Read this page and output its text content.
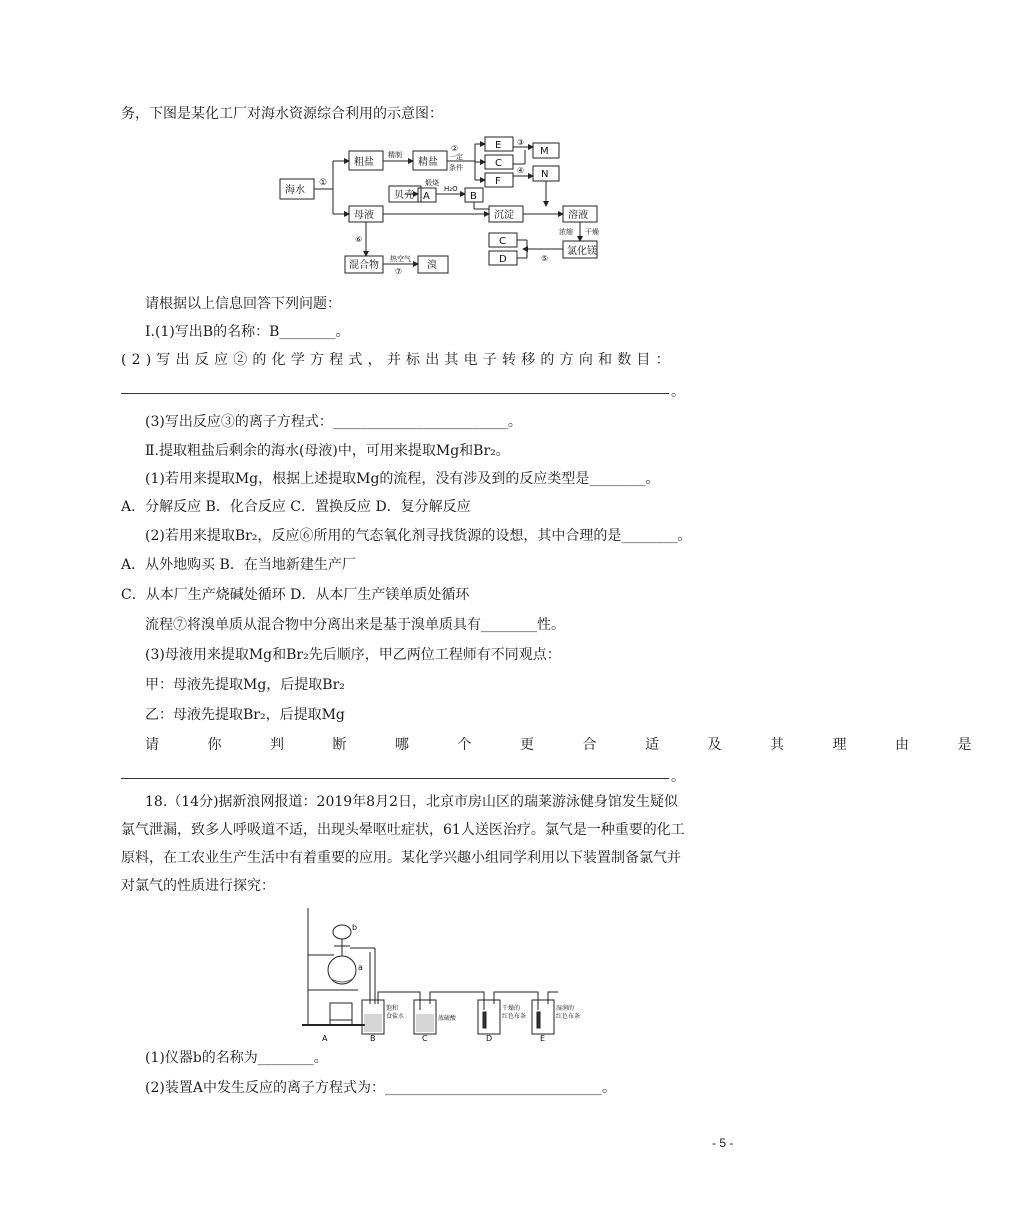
务，下图是某化工厂对海水资源综合利用的示意图：
海水
①
粗盐
精制
精盐
②
一定
条件
E
C
F
③
④
M
N
贝壳
煅烧
A
H₂O
B
母液	沉淀	溶液
浓缩 干燥
氯化镁
C
D	⑤
⑥
混合物
热空气
⑦
溴
请根据以上信息回答下列问题：
Ⅰ.(1)写出B的名称：B________。
(2)写出反应②的化学方程式，并标出其电子转移的方向和数目：
。
(3)写出反应③的离子方程式：_________________________。
Ⅱ.提取粗盐后剩余的海水(母液)中，可用来提取Mg和Br₂。
(1)若用来提取Mg，根据上述提取Mg的流程，没有涉及到的反应类型是________。
A．分解反应 B．化合反应 C．置换反应 D．复分解反应
(2)若用来提取Br₂，反应⑥所用的气态氧化剂寻找货源的设想，其中合理的是________。
A．从外地购买 B．在当地新建生产厂
C．从本厂生产烧碱处循环 D．从本厂生产镁单质处循环
流程⑦将溴单质从混合物中分离出来是基于溴单质具有________性。
(3)母液用来提取Mg和Br₂先后顺序，甲乙两位工程师有不同观点：
甲：母液先提取Mg，后提取Br₂
乙：母液先提取Br₂，后提取Mg
请你判断哪个更合适及其理由是
。
18.（14分)据新浪网报道：2019年8月2日，北京市房山区的瑞莱游泳健身馆发生疑似
氯气泄漏，致多人呼吸道不适，出现头晕呕吐症状，61人送医治疗。氯气是一种重要的化工
原料，在工农业生产生活中有着重要的应用。某化学兴趣小组同学利用以下装置制备氯气并
对氯气的性质进行探究：
b
a
饱和 食盐水	浓硫酸
干燥的红色布条
湿润的红色布条
A	B	C	D	E
(1)仪器b的名称为________。
(2)装置A中发生反应的离子方程式为：_______________________________。
- 5 -
